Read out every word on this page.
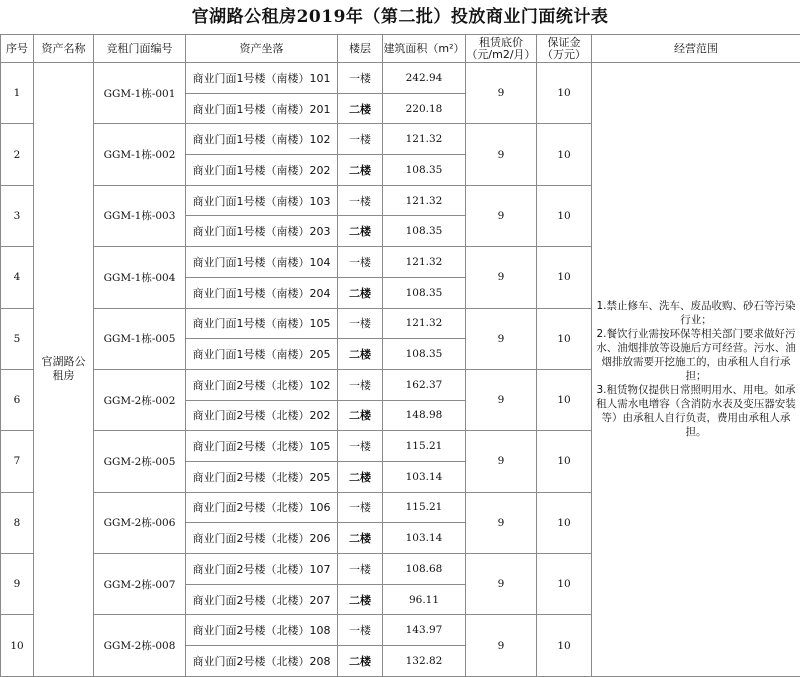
官湖路公租房2019年（第二批）投放商业门面统计表
序号	资产名称	竞租门面编号	资产坐落	楼层	建筑面积（m²）	租赁底价（元/m2/月）	保证金（万元）	经营范围
1	官湖路公租房	GGM-1栋-001	商业门面1号楼（南楼）101	一楼	242.94	9	10	1.禁止修车、洗车、废品收购、砂石等污染行业；
2.餐饮行业需按环保等相关部门要求做好污水、油烟排放等设施后方可经营。污水、油烟排放需要开挖施工的，由承租人自行承担；
3.租赁物仅提供日常照明用水、用电。如承租人需水电增容（含消防水表及变压器安装等）由承租人自行负责，费用由承租人承担。

			商业门面1号楼（南楼）201	二楼	220.18			
2		GGM-1栋-002	商业门面1号楼（南楼）102	一楼	121.32	9	10	
			商业门面1号楼（南楼）202	二楼	108.35			
3		GGM-1栋-003	商业门面1号楼（南楼）103	一楼	121.32	9	10	
			商业门面1号楼（南楼）203	二楼	108.35			
4		GGM-1栋-004	商业门面1号楼（南楼）104	一楼	121.32	9	10	
			商业门面1号楼（南楼）204	二楼	108.35			
5		GGM-1栋-005	商业门面1号楼（南楼）105	一楼	121.32	9	10	
			商业门面1号楼（南楼）205	二楼	108.35			
6		GGM-2栋-002	商业门面2号楼（北楼）102	一楼	162.37	9	10	
			商业门面2号楼（北楼）202	二楼	148.98			
7		GGM-2栋-005	商业门面2号楼（北楼）105	一楼	115.21	9	10	
			商业门面2号楼（北楼）205	二楼	103.14			
8		GGM-2栋-006	商业门面2号楼（北楼）106	一楼	115.21	9	10	
			商业门面2号楼（北楼）206	二楼	103.14			
9		GGM-2栋-007	商业门面2号楼（北楼）107	一楼	108.68	9	10	
			商业门面2号楼（北楼）207	二楼	96.11			
10		GGM-2栋-008	商业门面2号楼（北楼）108	一楼	143.97	9	10	
			商业门面2号楼（北楼）208	二楼	132.82			
